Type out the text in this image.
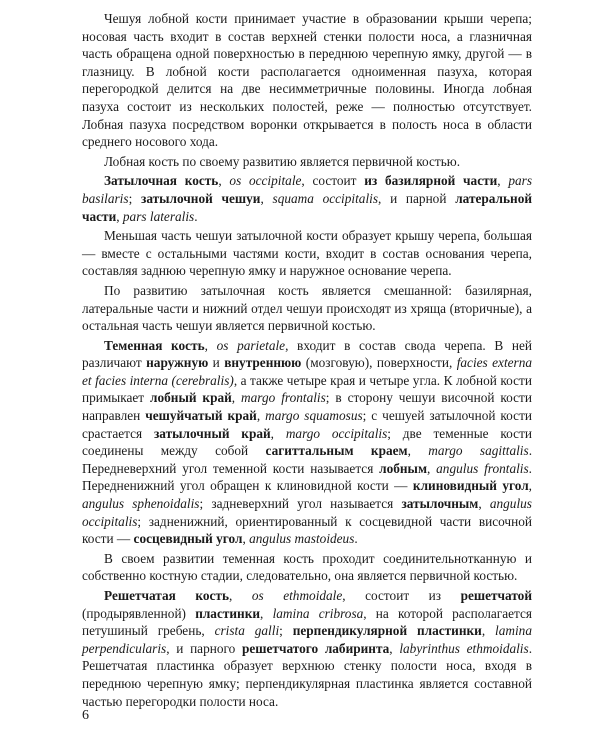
Чешуя лобной кости принимает участие в образовании крыши черепа; носовая часть входит в состав верхней стенки полости носа, а глазничная часть обращена одной поверхностью в переднюю черепную ямку, другой — в глазницу. В лобной кости располагается одноименная пазуха, которая перегородкой делится на две несимметричные половины. Иногда лобная пазуха состоит из нескольких полостей, реже — полностью отсутствует. Лобная пазуха посредством воронки открывается в полость носа в области среднего носового хода.

Лобная кость по своему развитию является первичной костью.

Затылочная кость, os occipitale, состоит из базилярной части, pars basilaris; затылочной чешуи, squama occipitalis, и парной латеральной части, pars lateralis.

Меньшая часть чешуи затылочной кости образует крышу черепа, большая — вместе с остальными частями кости, входит в состав основания черепа, составляя заднюю черепную ямку и наружное основание черепа.

По развитию затылочная кость является смешанной: базилярная, латеральные части и нижний отдел чешуи происходят из хряща (вторичные), а остальная часть чешуи является первичной костью.

Теменная кость, os parietale, входит в состав свода черепа. В ней различают наружную и внутреннюю (мозговую), поверхности, facies externa et facies interna (cerebralis), а также четыре края и четыре угла. К лобной кости примыкает лобный край, margo frontalis; в сторону чешуи височной кости направлен чешуйчатый край, margo squamosus; с чешуей затылочной кости срастается затылочный край, margo occipitalis; две теменные кости соединены между собой сагиттальным краем, margo sagittalis. Передневерхний угол теменной кости называется лобным, angulus frontalis. Передненижний угол обращен к клиновидной кости — клиновидный угол, angulus sphenoidalis; задневерхний угол называется затылочным, angulus occipitalis; задненижний, ориентированный к сосцевидной части височной кости — сосцевидный угол, angulus mastoideus.

В своем развитии теменная кость проходит соединительнотканную и собственно костную стадии, следовательно, она является первичной костью.

Решетчатая кость, os ethmoidale, состоит из решетчатой (продырявленной) пластинки, lamina cribrosa, на которой располагается петушиный гребень, crista galli; перпендикулярной пластинки, lamina perpendicularis, и парного решетчатого лабиринта, labyrinthus ethmoidalis. Решетчатая пластинка образует верхнюю стенку полости носа, входя в переднюю черепную ямку; перпендикулярная пластинка является составной частью перегородки полости носа.

6
